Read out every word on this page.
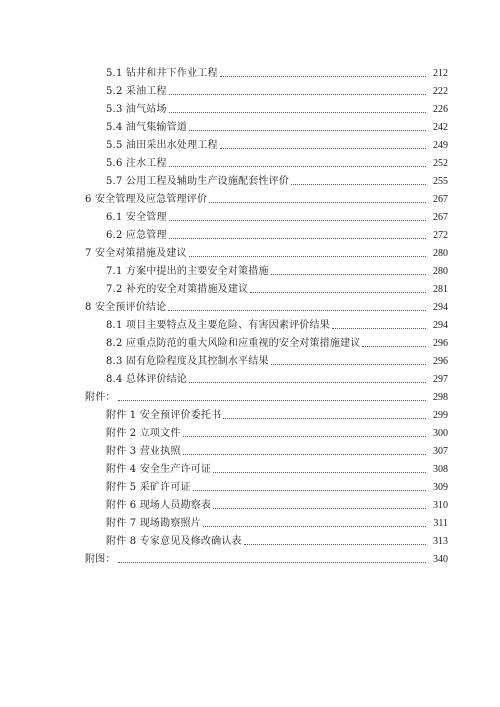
5.1 钻井和井下作业工程	212
5.2 采油工程	222
5.3 油气站场	226
5.4 油气集输管道	242
5.5 油田采出水处理工程	249
5.6 注水工程	252
5.7 公用工程及辅助生产设施配套性评价	255
6 安全管理及应急管理评价	267
6.1 安全管理	267
6.2 应急管理	272
7 安全对策措施及建议	280
7.1 方案中提出的主要安全对策措施	280
7.2 补充的安全对策措施及建议	281
8 安全预评价结论	294
8.1 项目主要特点及主要危险、有害因素评价结果	294
8.2 应重点防范的重大风险和应重视的安全对策措施建议	296
8.3 固有危险程度及其控制水平结果	296
8.4 总体评价结论	297
附件：	298
附件 1 安全预评价委托书	299
附件 2 立项文件	300
附件 3 营业执照	307
附件 4 安全生产许可证	308
附件 5 采矿许可证	309
附件 6 现场人员勘察表	310
附件 7 现场勘察照片	311
附件 8 专家意见及修改确认表	313
附图：	340
